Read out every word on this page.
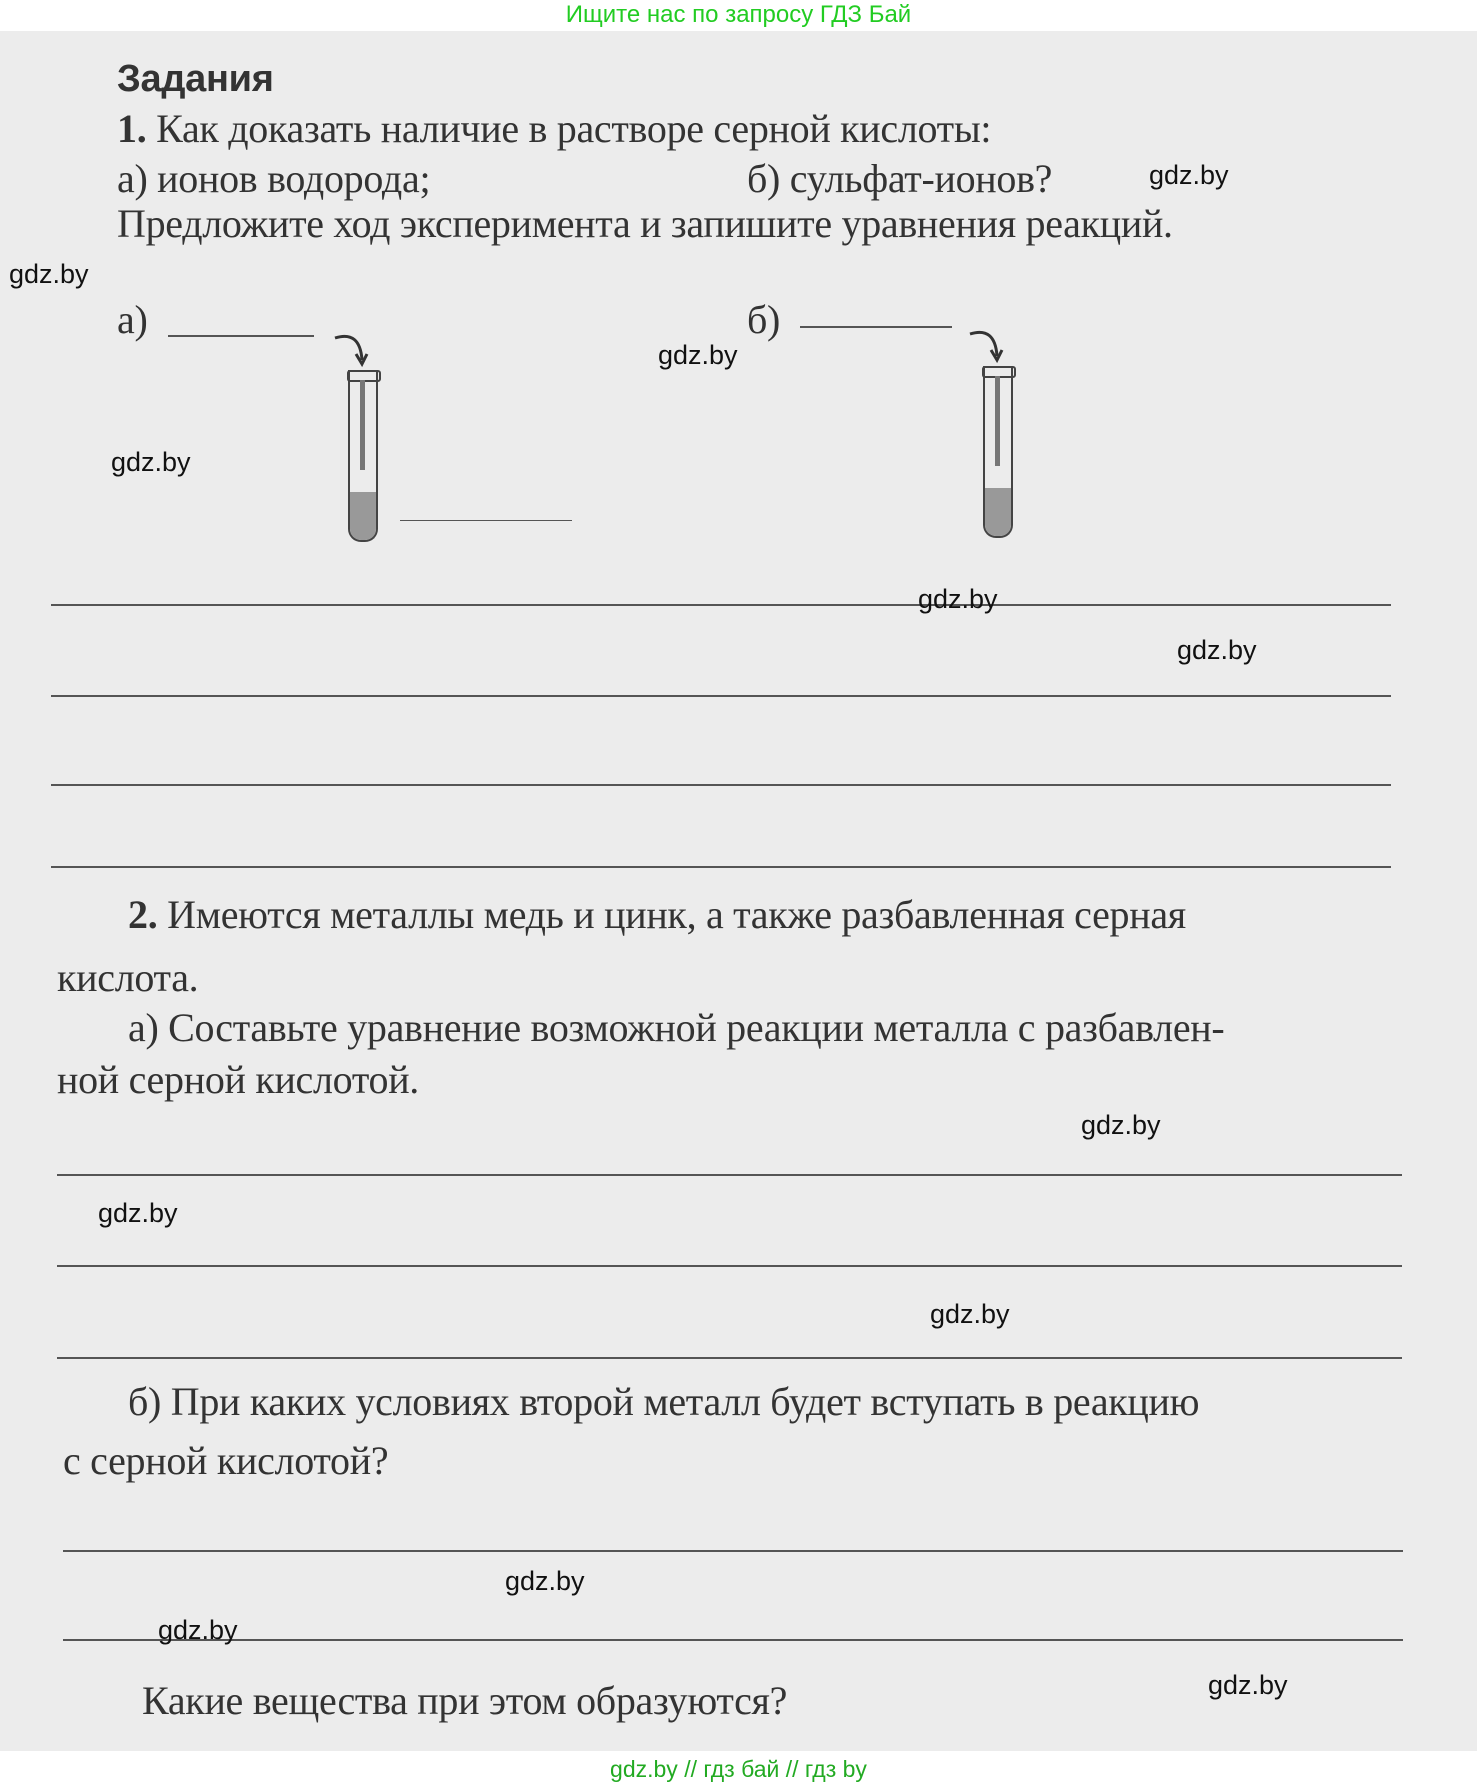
Ищите нас по запросу ГДЗ Бай
Задания
1. Как доказать наличие в растворе серной кислоты:
а) ионов водорода;	б) сульфат-ионов?
Предложите ход эксперимента и запишите уравнения реакций.
а)	б)
2. Имеются металлы медь и цинк, а также разбавленная серная
кислота.
а) Составьте уравнение возможной реакции металла с разбавлен-
ной серной кислотой.
б) При каких условиях второй металл будет вступать в реакцию
с серной кислотой?
Какие вещества при этом образуются?
gdz.by
gdz.by
gdz.by
gdz.by
gdz.by
gdz.by
gdz.by
gdz.by
gdz.by
gdz.by
gdz.by
gdz.by
gdz.by // гдз бай // гдз by
